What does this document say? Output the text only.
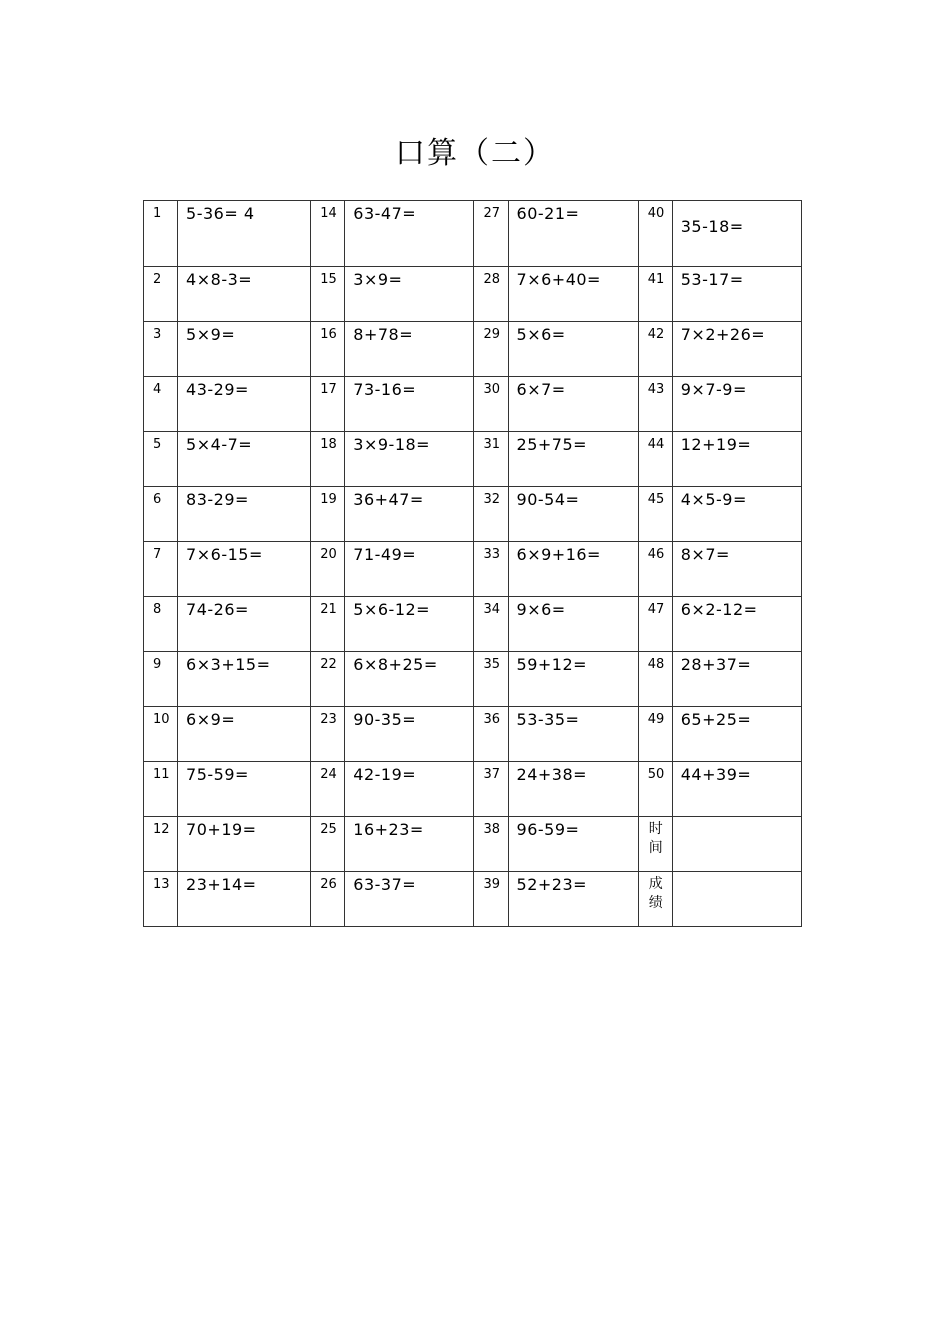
口算（二）
1	5-36= 4	14	63-47=	27	60-21=	40	35-18=
2	4×8-3=	15	3×9=	28	7×6+40=	41	53-17=
3	5×9=	16	8+78=	29	5×6=	42	7×2+26=
4	43-29=	17	73-16=	30	6×7=	43	9×7-9=
5	5×4-7=	18	3×9-18=	31	25+75=	44	12+19=
6	83-29=	19	36+47=	32	90-54=	45	4×5-9=
7	7×6-15=	20	71-49=	33	6×9+16=	46	8×7=
8	74-26=	21	5×6-12=	34	9×6=	47	6×2-12=
9	6×3+15=	22	6×8+25=	35	59+12=	48	28+37=
10	6×9=	23	90-35=	36	53-35=	49	65+25=
11	75-59=	24	42-19=	37	24+38=	50	44+39=
12	70+19=	25	16+23=	38	96-59=	时
间	
13	23+14=	26	63-37=	39	52+23=	成
绩	
